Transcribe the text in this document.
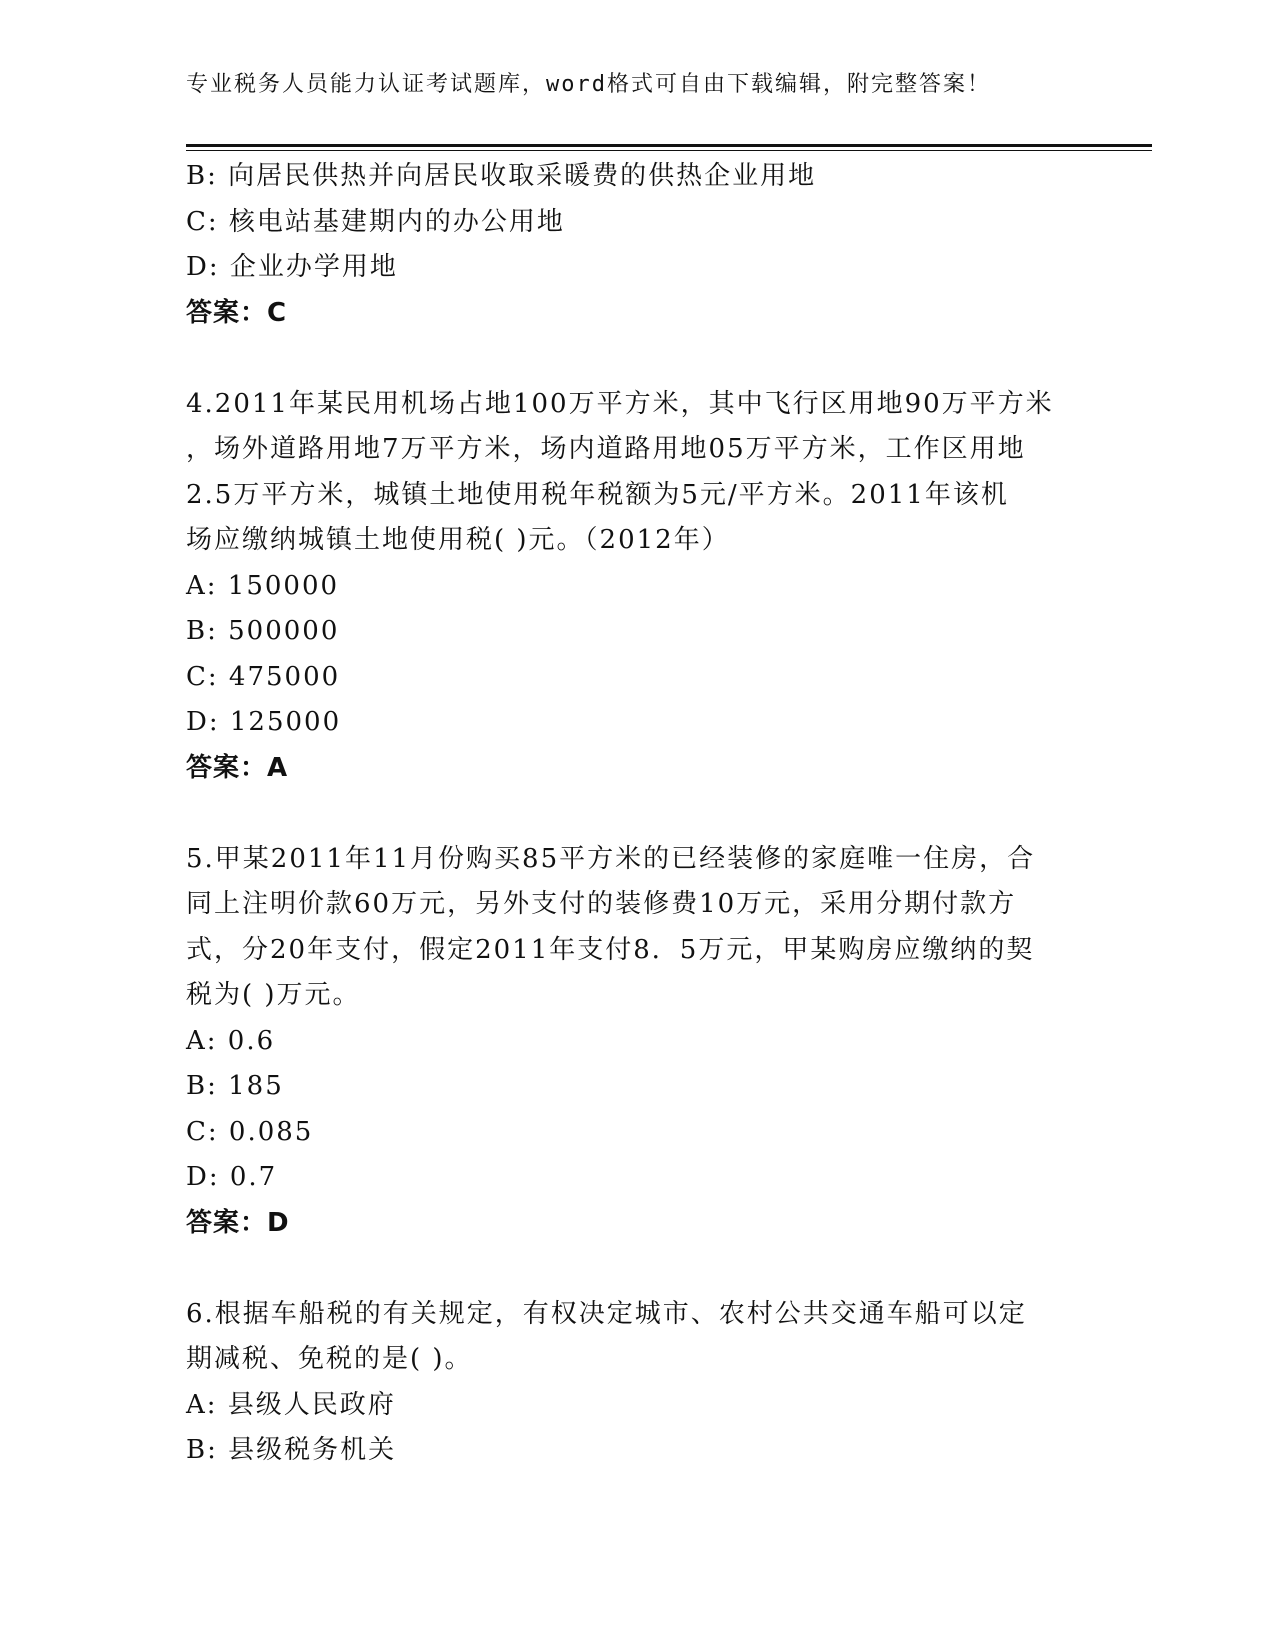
专业税务人员能力认证考试题库，word格式可自由下载编辑，附完整答案！
B: 向居民供热并向居民收取采暖费的供热企业用地
C: 核电站基建期内的办公用地
D: 企业办学用地
答案：C
4.2011年某民用机场占地100万平方米，其中飞行区用地90万平方米
，场外道路用地7万平方米，场内道路用地05万平方米，工作区用地
2.5万平方米，城镇土地使用税年税额为5元/平方米。2011年该机
场应缴纳城镇土地使用税( )元。（2012年）
A: 150000
B: 500000
C: 475000
D: 125000
答案：A
5.甲某2011年11月份购买85平方米的已经装修的家庭唯一住房，合
同上注明价款60万元，另外支付的装修费10万元，采用分期付款方
式，分20年支付，假定2011年支付8．5万元，甲某购房应缴纳的契
税为( )万元。
A: 0.6
B: 185
C: 0.085
D: 0.7
答案：D
6.根据车船税的有关规定，有权决定城市、农村公共交通车船可以定
期减税、免税的是( )。
A: 县级人民政府
B: 县级税务机关
